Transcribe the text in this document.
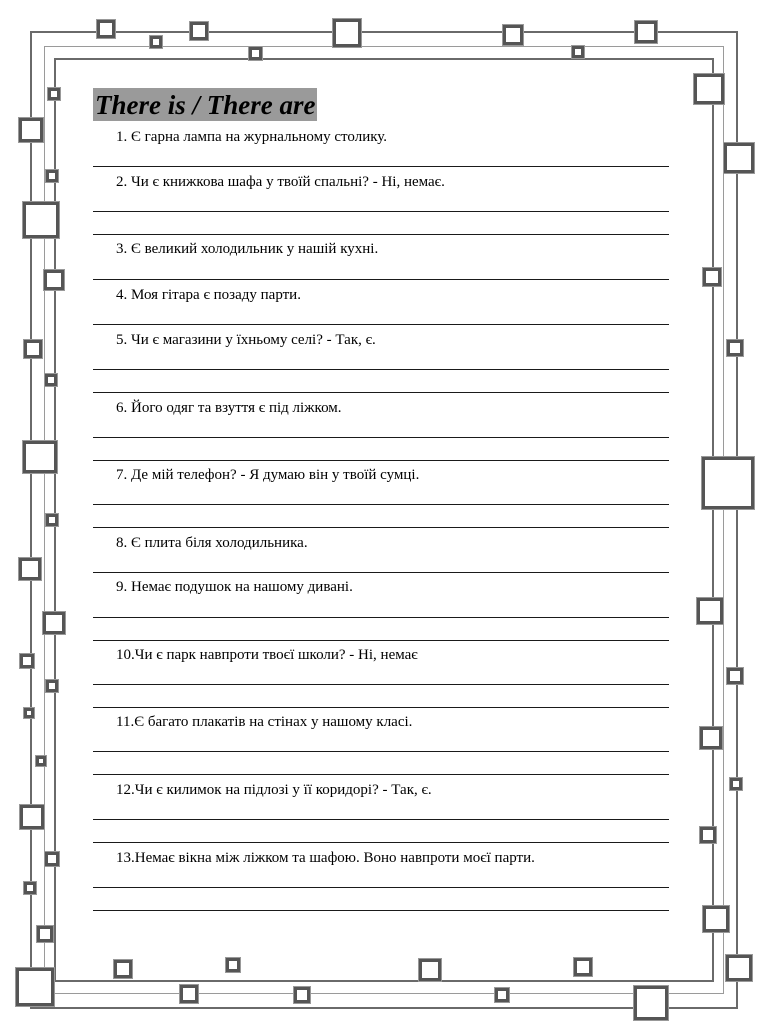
There is / There are
1. Є гарна лампа на журнальному столику.
2. Чи є книжкова шафа у твоїй спальні? - Ні, немає.
3. Є великий холодильник у нашій кухні.
4. Моя гітара є позаду парти.
5. Чи є магазини у їхньому селі? - Так, є.
6. Його одяг та взуття є під ліжком.
7. Де мій телефон? - Я думаю він у твоїй сумці.
8. Є плита біля холодильника.
9. Немає подушок на нашому дивані.
10.Чи є парк навпроти твоєї школи? - Ні, немає
11.Є багато плакатів на стінах у нашому класі.
12.Чи є килимок на підлозі у її коридорі? - Так, є.
13.Немає вікна між ліжком та шафою. Воно навпроти моєї парти.
